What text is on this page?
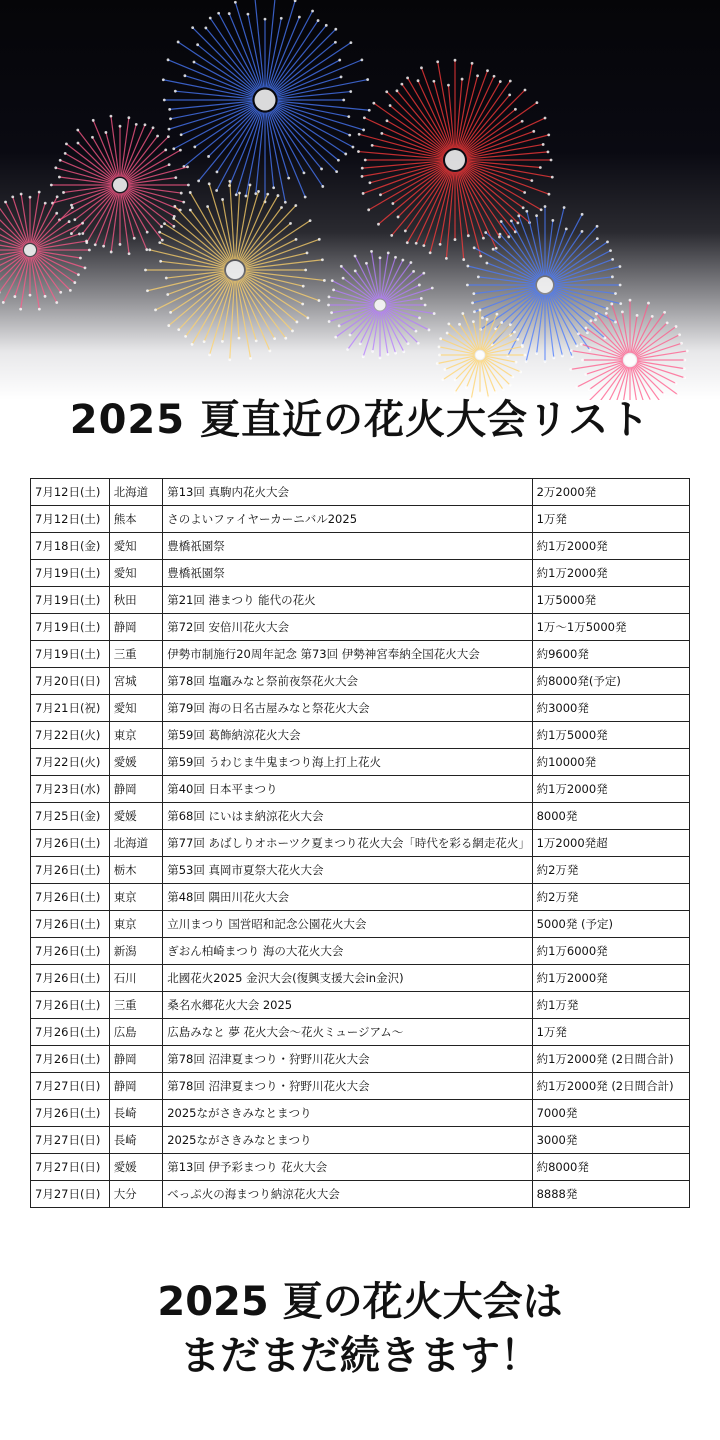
2025 夏直近の花火大会リスト
7月12日(土)	北海道	第13回 真駒内花火大会	2万2000発
7月12日(土)	熊本	さのよいファイヤーカーニバル2025	1万発
7月18日(金)	愛知	豊橋祇園祭	約1万2000発
7月19日(土)	愛知	豊橋祇園祭	約1万2000発
7月19日(土)	秋田	第21回 港まつり 能代の花火	1万5000発
7月19日(土)	静岡	第72回 安倍川花火大会	1万～1万5000発
7月19日(土)	三重	伊勢市制施行20周年記念 第73回 伊勢神宮奉納全国花火大会	約9600発
7月20日(日)	宮城	第78回 塩竈みなと祭前夜祭花火大会	約8000発(予定)
7月21日(祝)	愛知	第79回 海の日名古屋みなと祭花火大会	約3000発
7月22日(火)	東京	第59回 葛飾納涼花火大会	約1万5000発
7月22日(火)	愛媛	第59回 うわじま牛鬼まつり海上打上花火	約10000発
7月23日(水)	静岡	第40回 日本平まつり	約1万2000発
7月25日(金)	愛媛	第68回 にいはま納涼花火大会	8000発
7月26日(土)	北海道	第77回 あばしりオホーツク夏まつり花火大会「時代を彩る網走花火」	1万2000発超
7月26日(土)	栃木	第53回 真岡市夏祭大花火大会	約2万発
7月26日(土)	東京	第48回 隅田川花火大会	約2万発
7月26日(土)	東京	立川まつり 国営昭和記念公園花火大会	5000発 (予定)
7月26日(土)	新潟	ぎおん柏崎まつり 海の大花火大会	約1万6000発
7月26日(土)	石川	北國花火2025 金沢大会(復興支援大会in金沢)	約1万2000発
7月26日(土)	三重	桑名水郷花火大会 2025	約1万発
7月26日(土)	広島	広島みなと 夢 花火大会～花火ミュージアム～	1万発
7月26日(土)	静岡	第78回 沼津夏まつり・狩野川花火大会	約1万2000発 (2日間合計)
7月27日(日)	静岡	第78回 沼津夏まつり・狩野川花火大会	約1万2000発 (2日間合計)
7月26日(土)	長崎	2025ながさきみなとまつり	7000発
7月27日(日)	長崎	2025ながさきみなとまつり	3000発
7月27日(日)	愛媛	第13回 伊予彩まつり 花火大会	約8000発
7月27日(日)	大分	べっぷ火の海まつり納涼花火大会	8888発
2025 夏の花火大会は
まだまだ続きます！
